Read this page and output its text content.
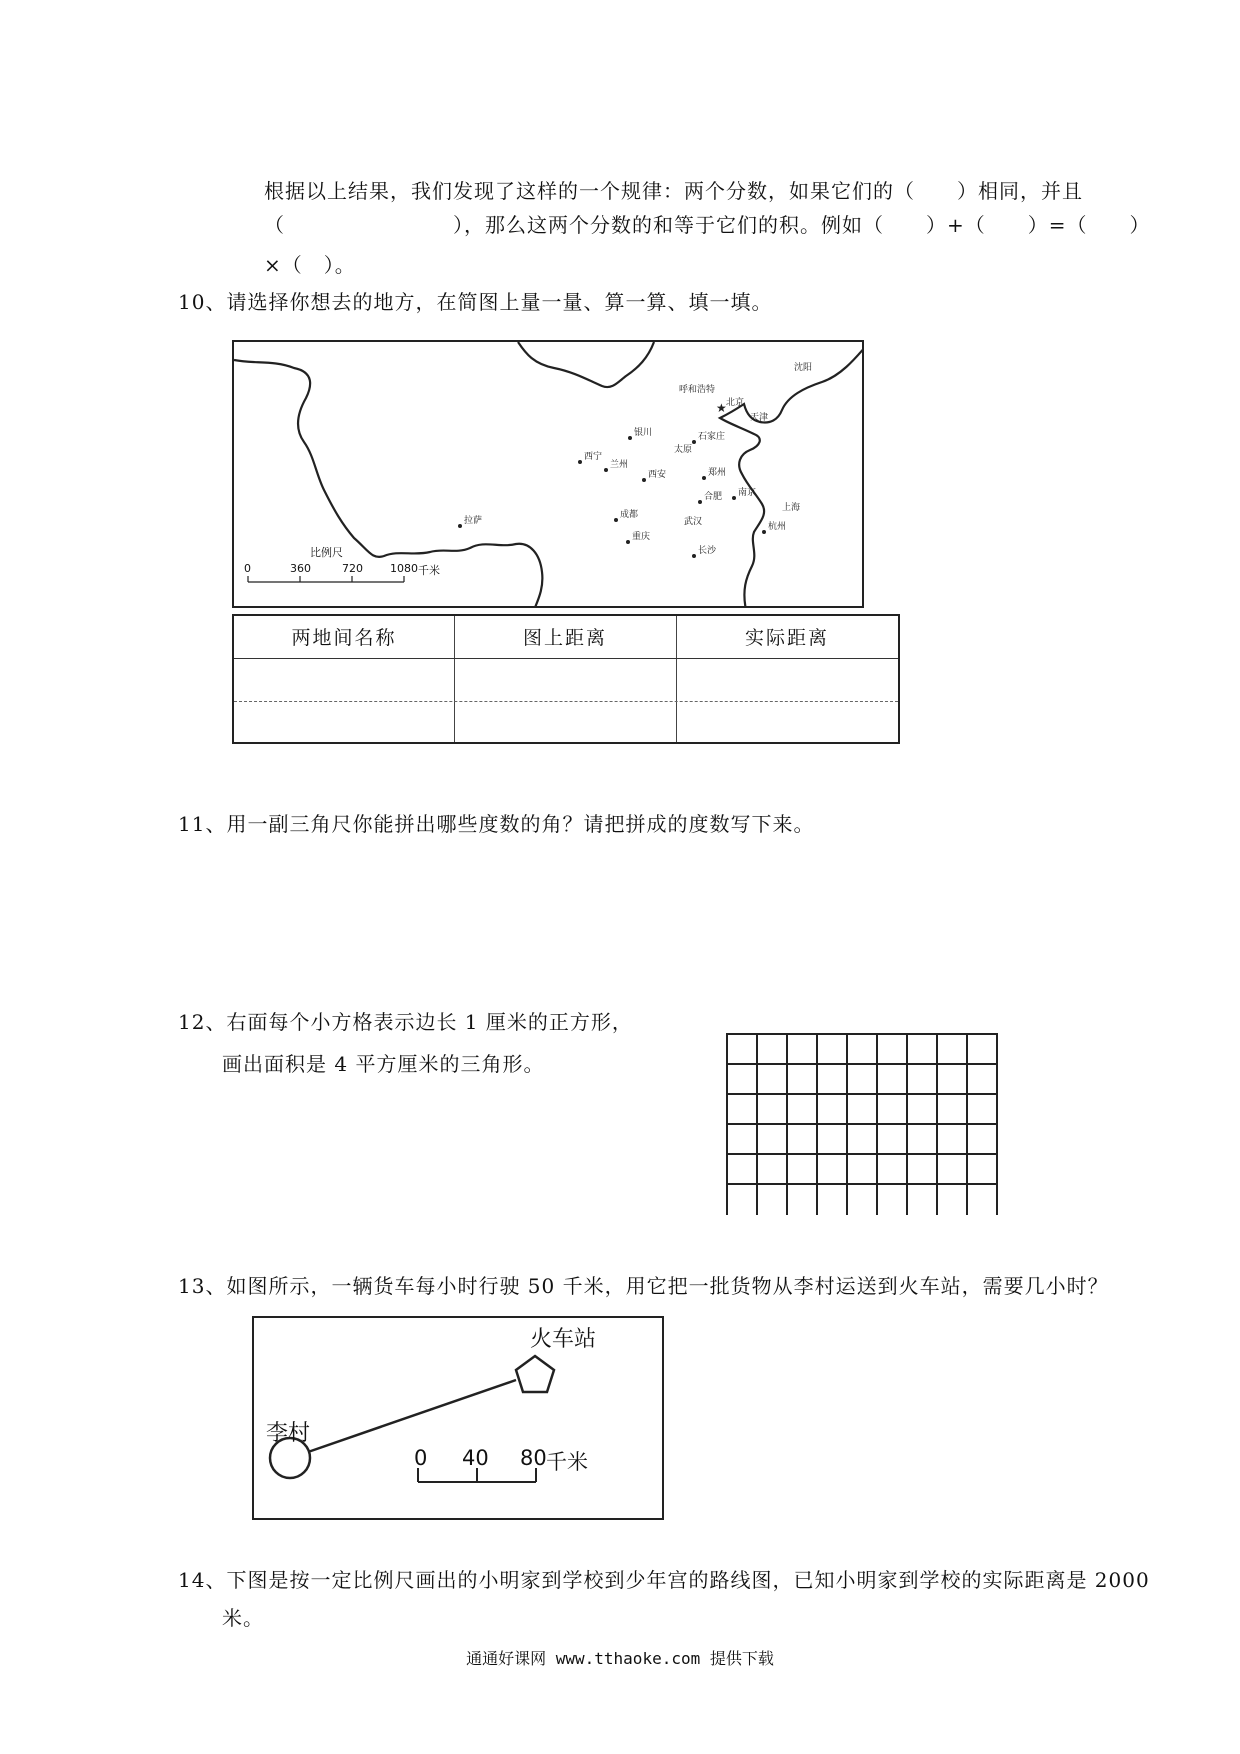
根据以上结果，我们发现了这样的一个规律：两个分数，如果它们的（　　）相同，并且
（　　　　　　　　），那么这两个分数的和等于它们的积。例如（　　）+（　　）=（　　）
×（　）。
10、请选择你想去的地方，在简图上量一量、算一算、填一填。
沈阳
呼和浩特
★ 北京
天津
银川	石家庄
太原
西宁
兰州
郑州
西安
南京
合肥
上海
拉萨
成都
武汉	杭州
重庆
长沙
比例尺
0	360	720 1080 千米
两地间名称	图上距离	实际距离
11、用一副三角尺你能拼出哪些度数的角？请把拼成的度数写下来。
12、右面每个小方格表示边长 1 厘米的正方形，
画出面积是 4 平方厘米的三角形。
13、如图所示，一辆货车每小时行驶 50 千米，用它把一批货物从李村运送到火车站，需要几小时？
李村
火车站
0 40 80 千米
14、下图是按一定比例尺画出的小明家到学校到少年宫的路线图，已知小明家到学校的实际距离是 2000
米。
通通好课网 www.tthaoke.com 提供下载
